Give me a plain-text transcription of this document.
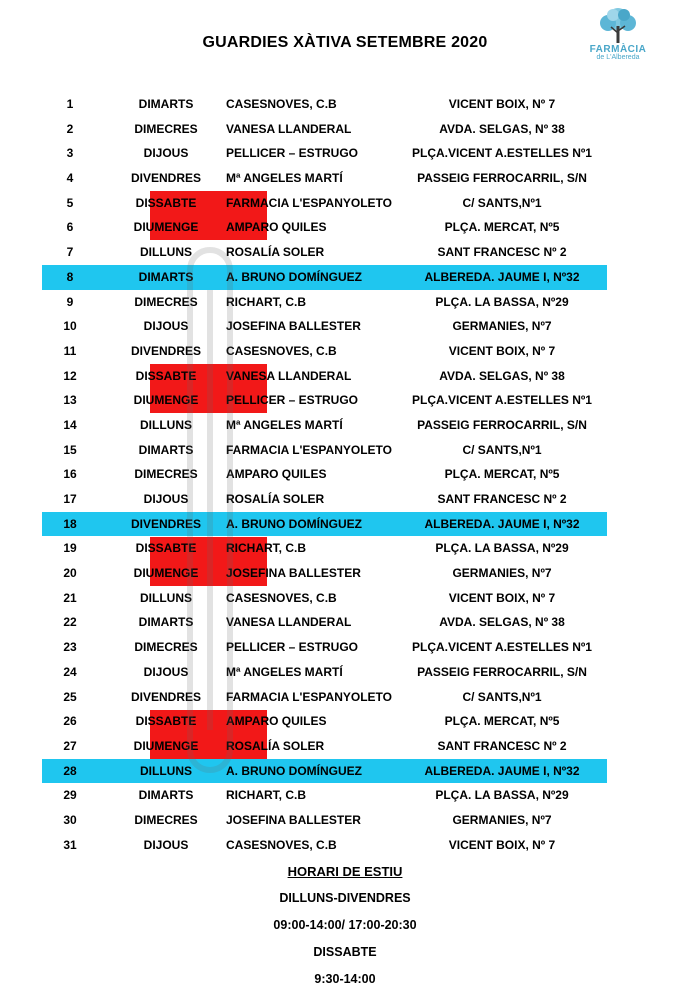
GUARDIES XÀTIVA SETEMBRE 2020	FARMÀCIA
de L'Albereda
1	DIMARTS	CASESNOVES, C.B	VICENT BOIX, Nº 7
2	DIMECRES	VANESA LLANDERAL	AVDA. SELGAS, Nº 38
3	DIJOUS	PELLICER – ESTRUGO	PLÇA.VICENT A.ESTELLES Nº1
4	DIVENDRES	Mª ANGELES MARTÍ	PASSEIG FERROCARRIL, S/N
5	DISSABTE	FARMACIA L'ESPANYOLETO	C/ SANTS,Nº1
6	DIUMENGE	AMPARO QUILES	PLÇA. MERCAT, Nº5
7	DILLUNS	ROSALÍA SOLER	SANT FRANCESC Nº 2
8	DIMARTS	A. BRUNO DOMÍNGUEZ	ALBEREDA. JAUME I, Nº32
9	DIMECRES	RICHART, C.B	PLÇA. LA BASSA, Nº29
10	DIJOUS	JOSEFINA BALLESTER	GERMANIES, Nº7
11	DIVENDRES	CASESNOVES, C.B	VICENT BOIX, Nº 7
12	DISSABTE	VANESA LLANDERAL	AVDA. SELGAS, Nº 38
13	DIUMENGE	PELLICER – ESTRUGO	PLÇA.VICENT A.ESTELLES Nº1
14	DILLUNS	Mª ANGELES MARTÍ	PASSEIG FERROCARRIL, S/N
15	DIMARTS	FARMACIA L'ESPANYOLETO	C/ SANTS,Nº1
16	DIMECRES	AMPARO QUILES	PLÇA. MERCAT, Nº5
17	DIJOUS	ROSALÍA SOLER	SANT FRANCESC Nº 2
18	DIVENDRES	A. BRUNO DOMÍNGUEZ	ALBEREDA. JAUME I, Nº32
19	DISSABTE	RICHART, C.B	PLÇA. LA BASSA, Nº29
20	DIUMENGE	JOSEFINA BALLESTER	GERMANIES, Nº7
21	DILLUNS	CASESNOVES, C.B	VICENT BOIX, Nº 7
22	DIMARTS	VANESA LLANDERAL	AVDA. SELGAS, Nº 38
23	DIMECRES	PELLICER – ESTRUGO	PLÇA.VICENT A.ESTELLES Nº1
24	DIJOUS	Mª ANGELES MARTÍ	PASSEIG FERROCARRIL, S/N
25	DIVENDRES	FARMACIA L'ESPANYOLETO	C/ SANTS,Nº1
26	DISSABTE	AMPARO QUILES	PLÇA. MERCAT, Nº5
27	DIUMENGE	ROSALÍA SOLER	SANT FRANCESC Nº 2
28	DILLUNS	A. BRUNO DOMÍNGUEZ	ALBEREDA. JAUME I, Nº32
29	DIMARTS	RICHART, C.B	PLÇA. LA BASSA, Nº29
30	DIMECRES	JOSEFINA BALLESTER	GERMANIES, Nº7
31	DIJOUS	CASESNOVES, C.B	VICENT BOIX, Nº 7
HORARI DE ESTIU
DILLUNS-DIVENDRES
09:00-14:00/ 17:00-20:30
DISSABTE
9:30-14:00
